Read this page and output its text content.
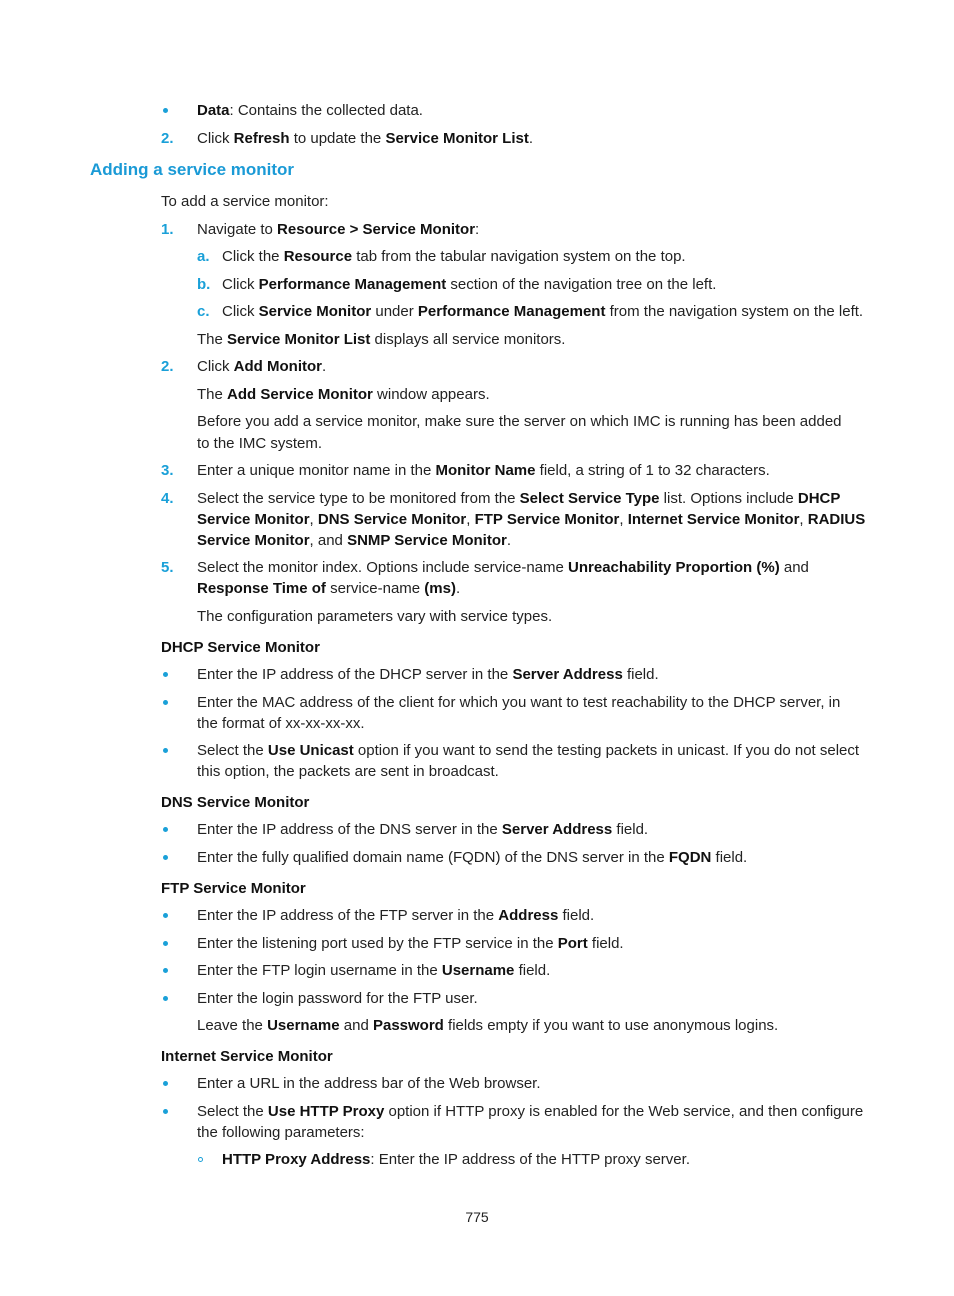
Data: Contains the collected data.
2. Click Refresh to update the Service Monitor List.
Adding a service monitor
To add a service monitor:
1. Navigate to Resource > Service Monitor:
a. Click the Resource tab from the tabular navigation system on the top.
b. Click Performance Management section of the navigation tree on the left.
c. Click Service Monitor under Performance Management from the navigation system on the left.
The Service Monitor List displays all service monitors.
2. Click Add Monitor.
The Add Service Monitor window appears.
Before you add a service monitor, make sure the server on which IMC is running has been added
to the IMC system.
3. Enter a unique monitor name in the Monitor Name field, a string of 1 to 32 characters.
4. Select the service type to be monitored from the Select Service Type list. Options include DHCP
Service Monitor, DNS Service Monitor, FTP Service Monitor, Internet Service Monitor, RADIUS
Service Monitor, and SNMP Service Monitor.
5. Select the monitor index. Options include service-name Unreachability Proportion (%) and
Response Time of service-name (ms).
The configuration parameters vary with service types.
DHCP Service Monitor
Enter the IP address of the DHCP server in the Server Address field.
Enter the MAC address of the client for which you want to test reachability to the DHCP server, in
the format of xx-xx-xx-xx.
Select the Use Unicast option if you want to send the testing packets in unicast. If you do not select
this option, the packets are sent in broadcast.
DNS Service Monitor
Enter the IP address of the DNS server in the Server Address field.
Enter the fully qualified domain name (FQDN) of the DNS server in the FQDN field.
FTP Service Monitor
Enter the IP address of the FTP server in the Address field.
Enter the listening port used by the FTP service in the Port field.
Enter the FTP login username in the Username field.
Enter the login password for the FTP user.
Leave the Username and Password fields empty if you want to use anonymous logins.
Internet Service Monitor
Enter a URL in the address bar of the Web browser.
Select the Use HTTP Proxy option if HTTP proxy is enabled for the Web service, and then configure
the following parameters:
HTTP Proxy Address: Enter the IP address of the HTTP proxy server.
775
